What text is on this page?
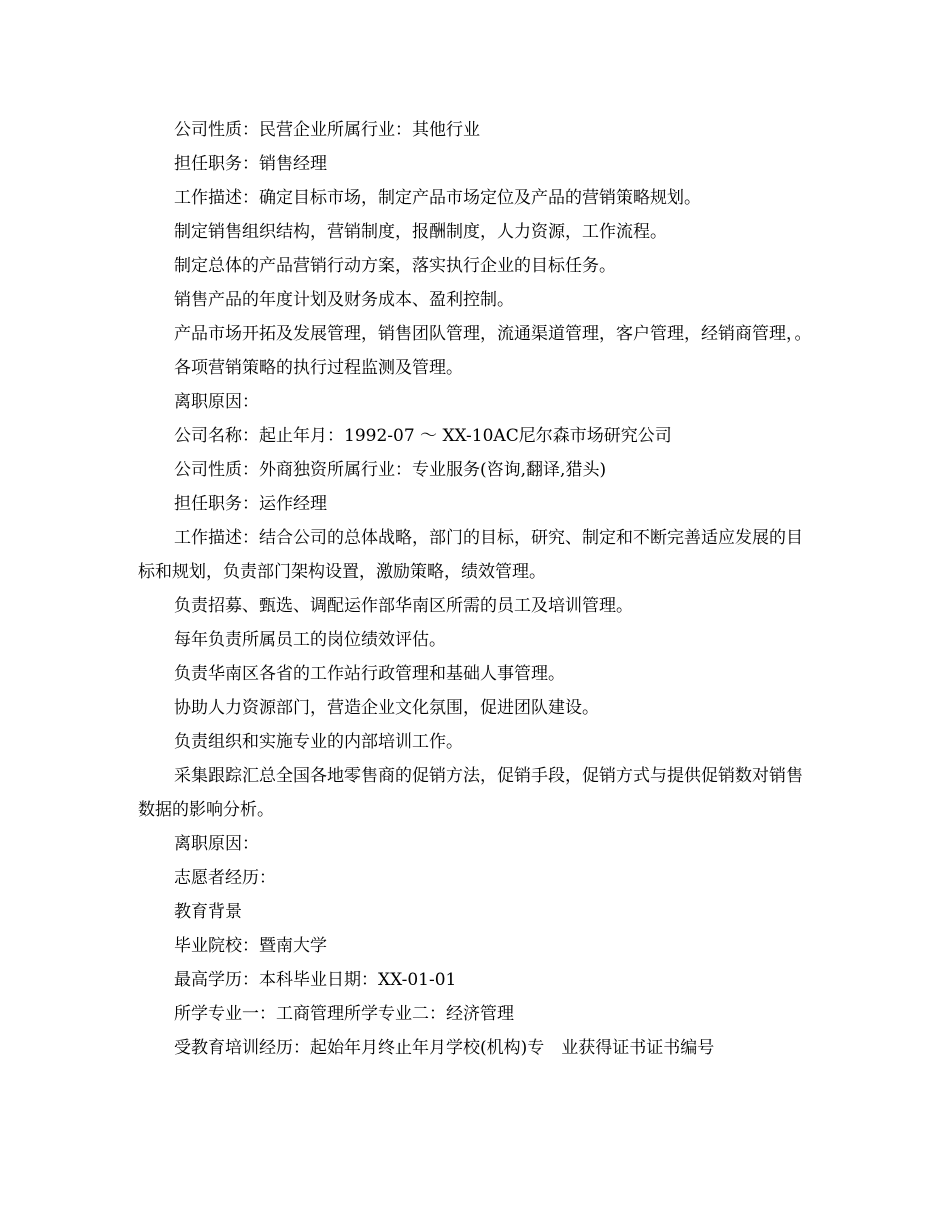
公司性质：民营企业所属行业：其他行业

担任职务：销售经理

工作描述：确定目标市场，制定产品市场定位及产品的营销策略规划。

制定销售组织结构，营销制度，报酬制度，人力资源，工作流程。

制定总体的产品营销行动方案，落实执行企业的目标任务。

销售产品的年度计划及财务成本、盈利控制。

产品市场开拓及发展管理，销售团队管理，流通渠道管理，客户管理，经销商管理，。

各项营销策略的执行过程监测及管理。

离职原因：

公司名称：起止年月：1992-07 ～ XX-10AC尼尔森市场研究公司

公司性质：外商独资所属行业：专业服务(咨询,翻译,猎头)

担任职务：运作经理

工作描述：结合公司的总体战略，部门的目标，研究、制定和不断完善适应发展的目标和规划，负责部门架构设置，激励策略，绩效管理。

负责招募、甄选、调配运作部华南区所需的员工及培训管理。

每年负责所属员工的岗位绩效评估。

负责华南区各省的工作站行政管理和基础人事管理。

协助人力资源部门，营造企业文化氛围，促进团队建设。

负责组织和实施专业的内部培训工作。

采集跟踪汇总全国各地零售商的促销方法，促销手段，促销方式与提供促销数对销售数据的影响分析。

离职原因：

志愿者经历：

教育背景

毕业院校：暨南大学

最高学历：本科毕业日期：XX-01-01

所学专业一：工商管理所学专业二：经济管理

受教育培训经历：起始年月终止年月学校(机构)专　业获得证书证书编号
